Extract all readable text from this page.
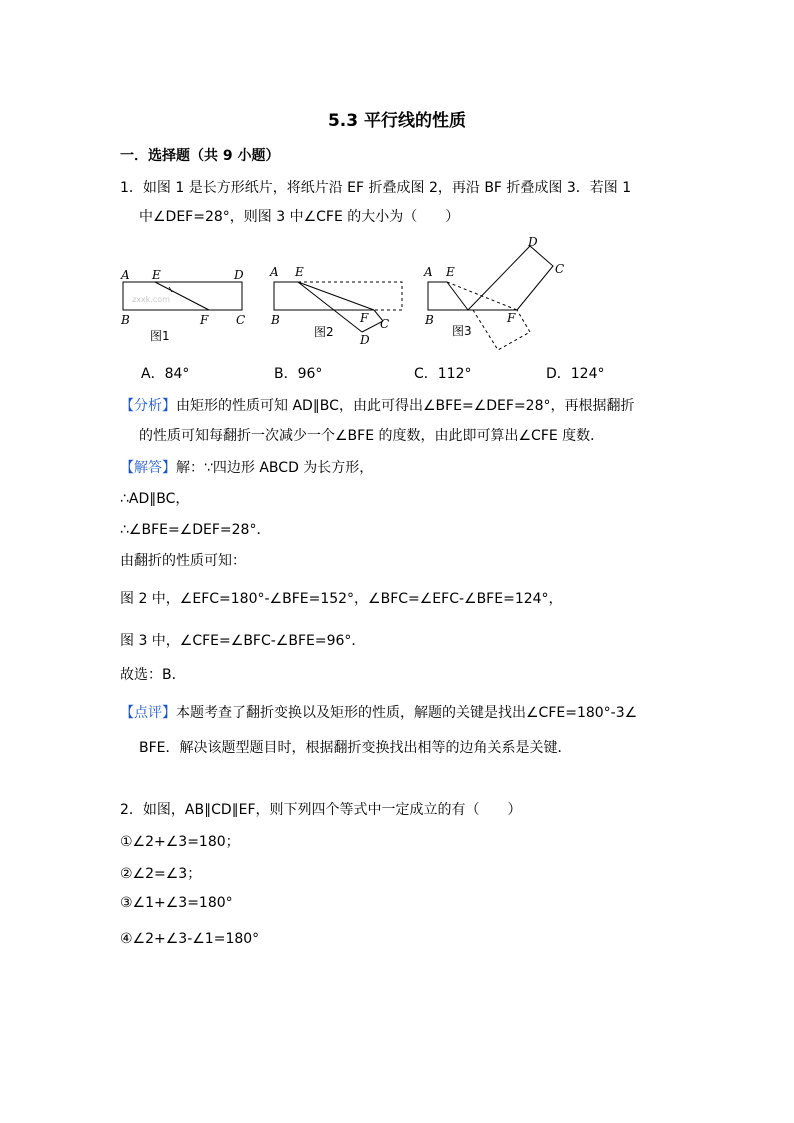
5.3 平行线的性质
一．选择题（共 9 小题）
1．如图 1 是长方形纸片，将纸片沿 EF 折叠成图 2，再沿 BF 折叠成图 3．若图 1
中∠DEF=28°，则图 3 中∠CFE 的大小为（　　）
A E	D
B	F C
图1
zxxk.com
A E
B	F C
D
图2
A E
B	F
D
C
图3
A．84°	B．96°	C．112°	D．124°
【分析】由矩形的性质可知 AD∥BC，由此可得出∠BFE=∠DEF=28°，再根据翻折
的性质可知每翻折一次减少一个∠BFE 的度数，由此即可算出∠CFE 度数．
【解答】解：∵四边形 ABCD 为长方形，
∴AD∥BC，
∴∠BFE=∠DEF=28°．
由翻折的性质可知：
图 2 中，∠EFC=180°-∠BFE=152°，∠BFC=∠EFC-∠BFE=124°，
图 3 中，∠CFE=∠BFC-∠BFE=96°．
故选：B．
【点评】本题考查了翻折变换以及矩形的性质，解题的关键是找出∠CFE=180°-3∠
BFE．解决该题型题目时，根据翻折变换找出相等的边角关系是关键．
2．如图，AB∥CD∥EF，则下列四个等式中一定成立的有（　　）
①∠2+∠3=180；
②∠2=∠3；
③∠1+∠3=180°
④∠2+∠3-∠1=180°
